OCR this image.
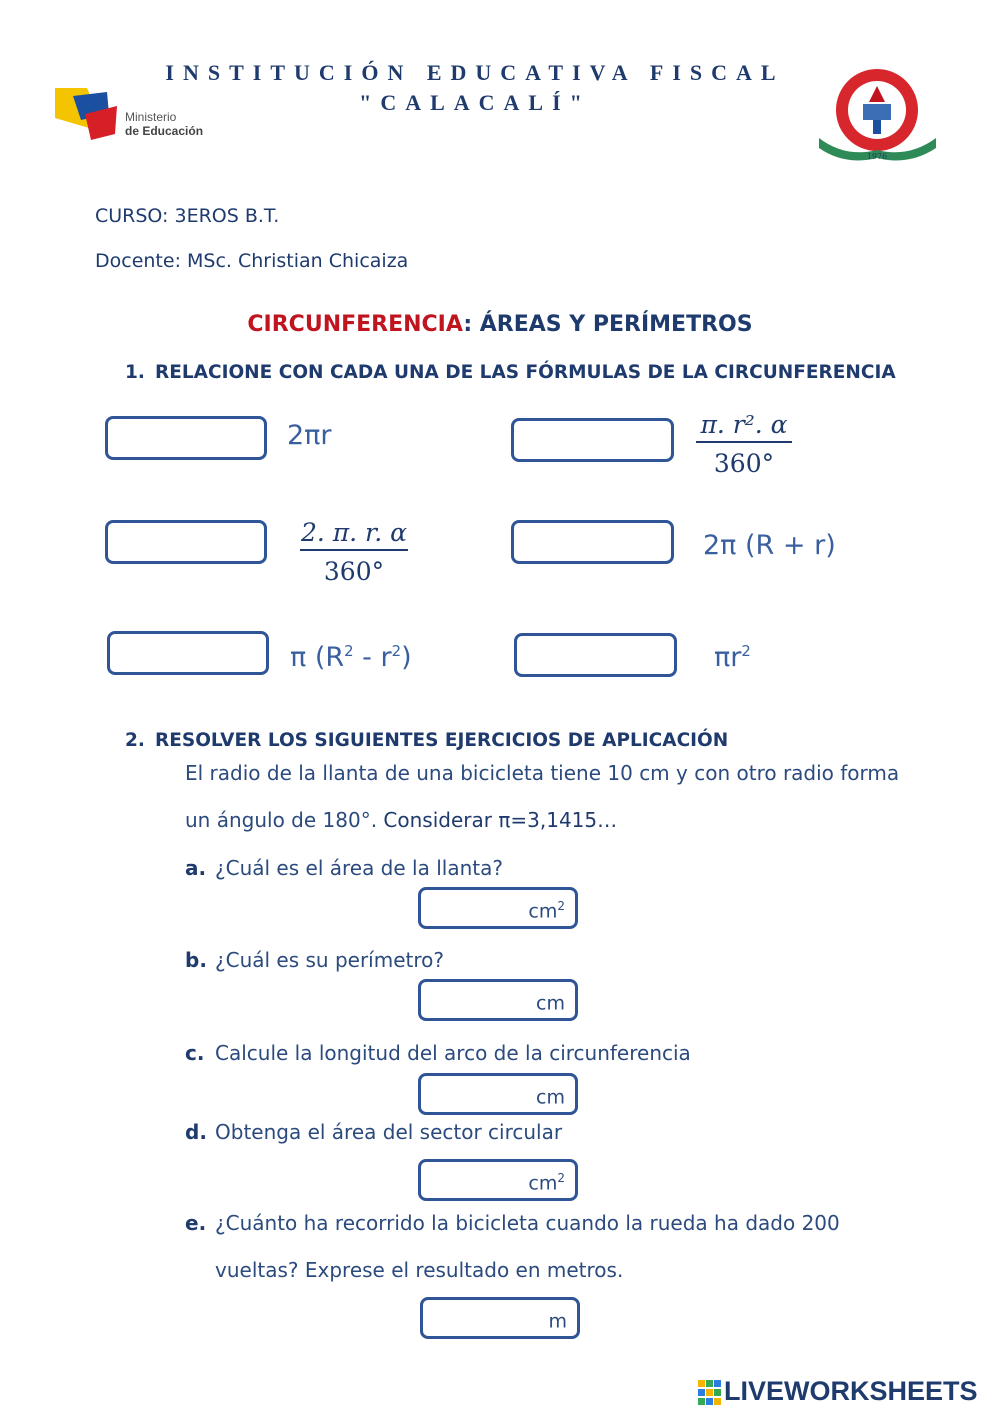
Ministerio
de Educación
INSTITUCIÓN EDUCATIVA FISCAL
"CALACALÍ"
1976
CURSO: 3EROS B.T.
Docente: MSc. Christian Chicaiza
CIRCUNFERENCIA: ÁREAS Y PERÍMETROS
1. RELACIONE CON CADA UNA DE LAS FÓRMULAS DE LA CIRCUNFERENCIA
2πr	π. r². α
360°
2. π. r. α
360°
2π (R + r)
π $(R^2 - r^2)$	$\pi r^2$
2. RESOLVER LOS SIGUIENTES EJERCICIOS DE APLICACIÓN
El radio de la llanta de una bicicleta tiene 10 cm y con otro radio forma
un ángulo de 180°. Considerar π=3,1415…
a. ¿Cuál es el área de la llanta?
$cm^2$
b. ¿Cuál es su perímetro?
cm
c. Calcule la longitud del arco de la circunferencia
cm
d. Obtenga el área del sector circular
$cm^2$
e. ¿Cuánto ha recorrido la bicicleta cuando la rueda ha dado 200
vueltas? Exprese el resultado en metros.
m
LIVEWORKSHEETS
